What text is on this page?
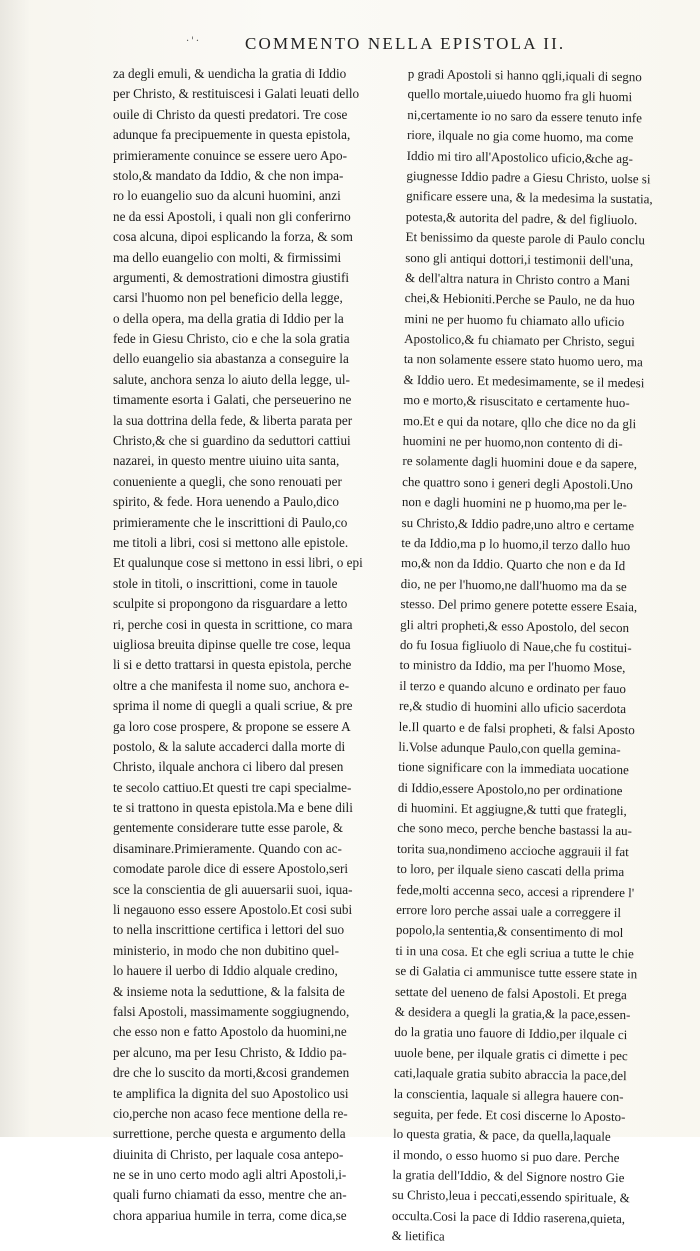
·'·	COMMENTO NELLA EPISTOLA II.
za degli emuli, & uendicha la gratia di Iddio
per Christo, & restituiscesi i Galati leuati dello
ouile di Christo da questi predatori. Tre cose
adunque fa precipuemente in questa epistola,
primieramente conuince se essere uero Apo-
stolo,& mandato da Iddio, & che non impa-
ro lo euangelio suo da alcuni huomini, anzi
ne da essi Apostoli, i quali non gli conferirno
cosa alcuna, dipoi esplicando la forza, & som
ma dello euangelio con molti, & firmissimi
argumenti, & demostrationi dimostra giustifi
carsi l'huomo non pel beneficio della legge,
o della opera, ma della gratia di Iddio per la
fede in Giesu Christo, cio e che la sola gratia
dello euangelio sia abastanza a conseguire la
salute, anchora senza lo aiuto della legge, ul-
timamente esorta i Galati, che perseuerino ne
la sua dottrina della fede, & liberta parata per
Christo,& che si guardino da seduttori cattiui
nazarei, in questo mentre uiuino uita santa,
conueniente a quegli, che sono renouati per
spirito, & fede. Hora uenendo a Paulo,dico
primieramente che le inscrittioni di Paulo,co
me titoli a libri, cosi si mettono alle epistole.
Et qualunque cose si mettono in essi libri, o epi
stole in titoli, o inscrittioni, come in tauole
sculpite si propongono da risguardare a letto
ri, perche cosi in questa in scrittione, co mara
uigliosa breuita dipinse quelle tre cose, lequa
li si e detto trattarsi in questa epistola, perche
oltre a che manifesta il nome suo, anchora e-
sprima il nome di quegli a quali scriue, & pre
ga loro cose prospere, & propone se essere A
postolo, & la salute accaderci dalla morte di
Christo, ilquale anchora ci libero dal presen
te secolo cattiuo.Et questi tre capi specialme-
te si trattono in questa epistola.Ma e bene dili
gentemente considerare tutte esse parole, &
disaminare.Primieramente. Quando con ac-
comodate parole dice di essere Apostolo,seri
sce la conscientia de gli auuersarii suoi, iqua-
li negauono esso essere Apostolo.Et cosi subi
to nella inscrittione certifica i lettori del suo
ministerio, in modo che non dubitino quel-
lo hauere il uerbo di Iddio alquale credino,
& insieme nota la seduttione, & la falsita de
falsi Apostoli, massimamente soggiugnendo,
che esso non e fatto Apostolo da huomini,ne
per alcuno, ma per Iesu Christo, & Iddio pa-
dre che lo suscito da morti,&cosi grandemen
te amplifica la dignita del suo Apostolico usi
cio,perche non acaso fece mentione della re-
surrettione, perche questa e argumento della
diuinita di Christo, per laquale cosa antepo-
ne se in uno certo modo agli altri Apostoli,i-
quali furno chiamati da esso, mentre che an-
chora appariua humile in terra, come dica,se
p gradi Apostoli si hanno qgli,iquali di segno
quello mortale,uiuedo huomo fra gli huomi
ni,certamente io no saro da essere tenuto infe
riore, ilquale no gia come huomo, ma come
Iddio mi tiro all'Apostolico uficio,&che ag-
giugnesse Iddio padre a Giesu Christo, uolse si
gnificare essere una, & la medesima la sustatia,
potesta,& autorita del padre, & del figliuolo.
Et benissimo da queste parole di Paulo conclu
sono gli antiqui dottori,i testimonii dell'una,
& dell'altra natura in Christo contro a Mani
chei,& Hebioniti.Perche se Paulo, ne da huo
mini ne per huomo fu chiamato allo uficio
Apostolico,& fu chiamato per Christo, segui
ta non solamente essere stato huomo uero, ma
& Iddio uero. Et medesimamente, se il medesi
mo e morto,& risuscitato e certamente huo-
mo.Et e qui da notare, qllo che dice no da gli
huomini ne per huomo,non contento di di-
re solamente dagli huomini doue e da sapere,
che quattro sono i generi degli Apostoli.Uno
non e dagli huomini ne p huomo,ma per le-
su Christo,& Iddio padre,uno altro e certame
te da Iddio,ma p lo huomo,il terzo dallo huo
mo,& non da Iddio. Quarto che non e da Id
dio, ne per l'huomo,ne dall'huomo ma da se
stesso. Del primo genere potette essere Esaia,
gli altri propheti,& esso Apostolo, del secon
do fu Iosua figliuolo di Naue,che fu costitui-
to ministro da Iddio, ma per l'huomo Mose,
il terzo e quando alcuno e ordinato per fauo
re,& studio di huomini allo uficio sacerdota
le.Il quarto e de falsi propheti, & falsi Aposto
li.Volse adunque Paulo,con quella gemina-
tione significare con la immediata uocatione
di Iddio,essere Apostolo,no per ordinatione
di huomini. Et aggiugne,& tutti que frategli,
che sono meco, perche benche bastassi la au-
torita sua,nondimeno accioche aggrauii il fat
to loro, per ilquale sieno cascati della prima
fede,molti accenna seco, accesi a riprendere l'
errore loro perche assai uale a correggere il
popolo,la sententia,& consentimento di mol
ti in una cosa. Et che egli scriua a tutte le chie
se di Galatia ci ammunisce tutte essere state in
settate del ueneno de falsi Apostoli. Et prega
& desidera a quegli la gratia,& la pace,essen-
do la gratia uno fauore di Iddio,per ilquale ci
uuole bene, per ilquale gratis ci dimette i pec
cati,laquale gratia subito abraccia la pace,del
la conscientia, laquale si allegra hauere con-
seguita, per fede. Et cosi discerne lo Aposto-
lo questa gratia, & pace, da quella,laquale
il mondo, o esso huomo si puo dare. Perche
la gratia dell'Iddio, & del Signore nostro Gie
su Christo,leua i peccati,essendo spirituale, &
occulta.Cosi la pace di Iddio raserena,quieta,
& lietifica
